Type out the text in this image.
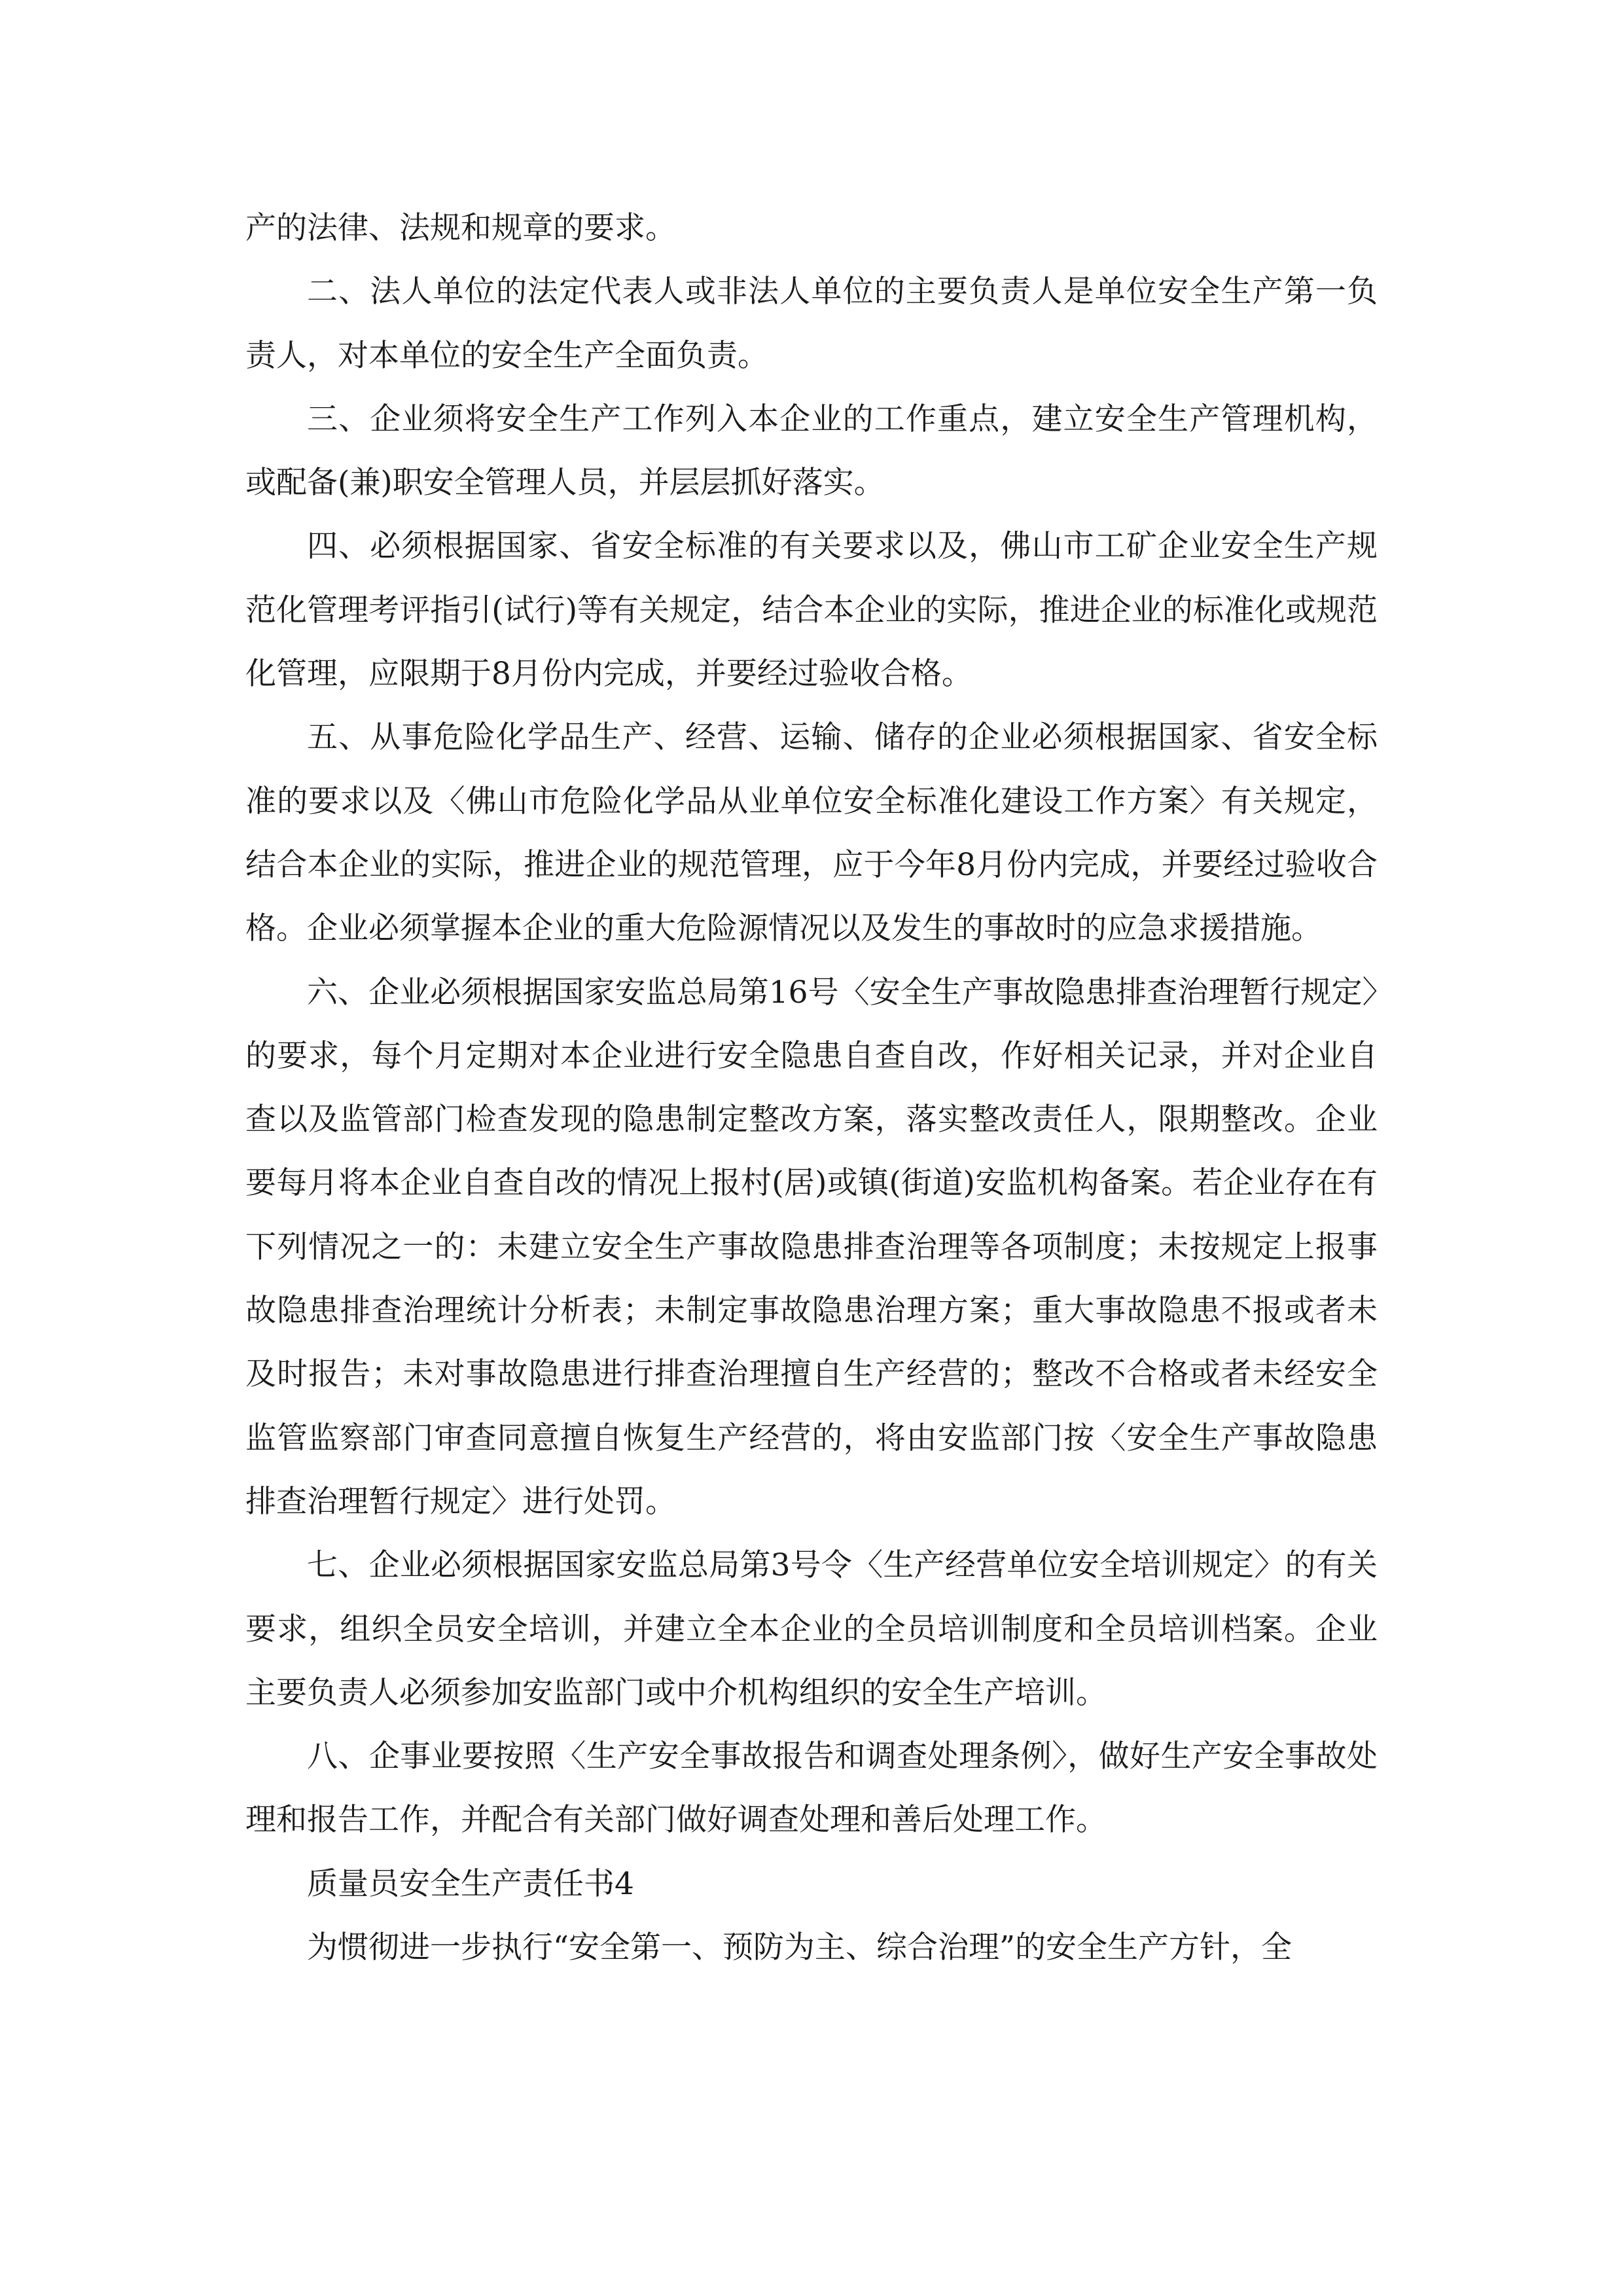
产的法律、法规和规章的要求。

二、法人单位的法定代表人或非法人单位的主要负责人是单位安全生产第一负责人，对本单位的安全生产全面负责。

三、企业须将安全生产工作列入本企业的工作重点，建立安全生产管理机构，或配备(兼)职安全管理人员，并层层抓好落实。

四、必须根据国家、省安全标准的有关要求以及，佛山市工矿企业安全生产规范化管理考评指引(试行)等有关规定，结合本企业的实际，推进企业的标准化或规范化管理，应限期于8月份内完成，并要经过验收合格。

五、从事危险化学品生产、经营、运输、储存的企业必须根据国家、省安全标准的要求以及〈佛山市危险化学品从业单位安全标准化建设工作方案〉有关规定，结合本企业的实际，推进企业的规范管理，应于今年8月份内完成，并要经过验收合格。企业必须掌握本企业的重大危险源情况以及发生的事故时的应急求援措施。

六、企业必须根据国家安监总局第16号〈安全生产事故隐患排查治理暂行规定〉的要求，每个月定期对本企业进行安全隐患自查自改，作好相关记录，并对企业自查以及监管部门检查发现的隐患制定整改方案，落实整改责任人，限期整改。企业要每月将本企业自查自改的情况上报村(居)或镇(街道)安监机构备案。若企业存在有下列情况之一的：未建立安全生产事故隐患排查治理等各项制度；未按规定上报事故隐患排查治理统计分析表；未制定事故隐患治理方案；重大事故隐患不报或者未及时报告；未对事故隐患进行排查治理擅自生产经营的；整改不合格或者未经安全监管监察部门审查同意擅自恢复生产经营的，将由安监部门按〈安全生产事故隐患排查治理暂行规定〉进行处罚。

七、企业必须根据国家安监总局第3号令〈生产经营单位安全培训规定〉的有关要求，组织全员安全培训，并建立全本企业的全员培训制度和全员培训档案。企业主要负责人必须参加安监部门或中介机构组织的安全生产培训。

八、企事业要按照〈生产安全事故报告和调查处理条例〉，做好生产安全事故处理和报告工作，并配合有关部门做好调查处理和善后处理工作。

质量员安全生产责任书4

为惯彻进一步执行“安全第一、预防为主、综合治理”的安全生产方针，全
